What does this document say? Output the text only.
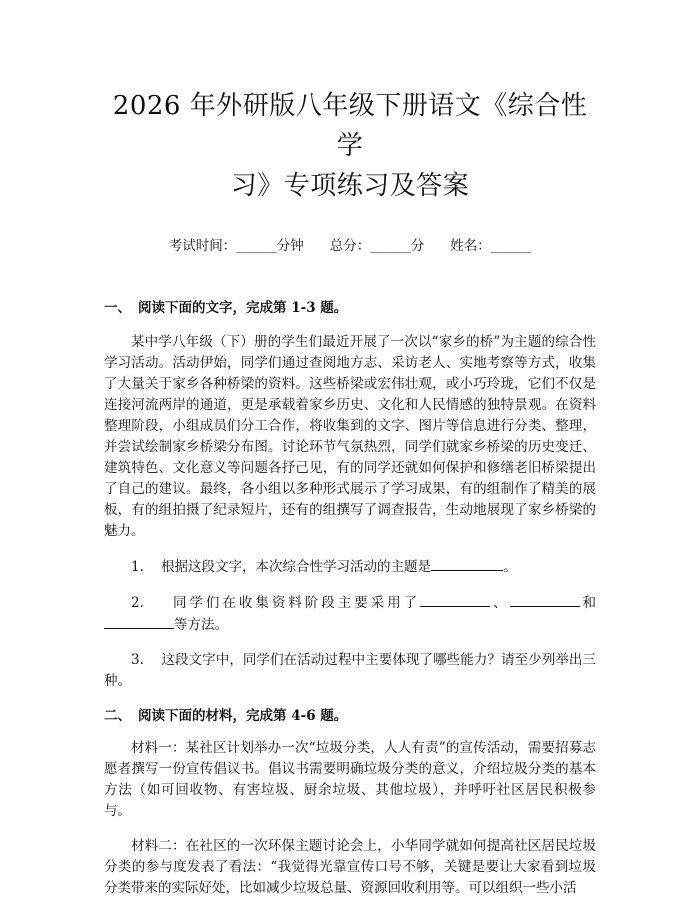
2026 年外研版八年级下册语文《综合性学
习》专项练习及答案
考试时间：______分钟 总分：______分 姓名：______
一、 阅读下面的文字，完成第 1-3 题。

某中学八年级（下）册的学生们最近开展了一次以“家乡的桥”为主题的综合性学习活动。活动伊始，同学们通过查阅地方志、采访老人、实地考察等方式，收集了大量关于家乡各种桥梁的资料。这些桥梁或宏伟壮观，或小巧玲珑，它们不仅是连接河流两岸的通道，更是承载着家乡历史、文化和人民情感的独特景观。在资料整理阶段，小组成员们分工合作，将收集到的文字、图片等信息进行分类、整理，并尝试绘制家乡桥梁分布图。讨论环节气氛热烈，同学们就家乡桥梁的历史变迁、建筑特色、文化意义等问题各抒己见，有的同学还就如何保护和修缮老旧桥梁提出了自己的建议。最终，各小组以多种形式展示了学习成果，有的组制作了精美的展板，有的组拍摄了纪录短片，还有的组撰写了调查报告，生动地展现了家乡桥梁的魅力。

1. 根据这段文字，本次综合性学习活动的主题是	。

2. 同学们在收集资料阶段主要采用了	、	和等方法。

3. 这段文字中，同学们在活动过程中主要体现了哪些能力？请至少列举出三种。

二、 阅读下面的材料，完成第 4-6 题。

材料一：某社区计划举办一次“垃圾分类，人人有责”的宣传活动，需要招募志愿者撰写一份宣传倡议书。倡议书需要明确垃圾分类的意义，介绍垃圾分类的基本方法（如可回收物、有害垃圾、厨余垃圾、其他垃圾），并呼吁社区居民积极参与。

材料二：在社区的一次环保主题讨论会上，小华同学就如何提高社区居民垃圾分类的参与度发表了看法：“我觉得光靠宣传口号不够，关键是要让大家看到垃圾分类带来的实际好处，比如减少垃圾总量、资源回收利用等。可以组织一些小活
